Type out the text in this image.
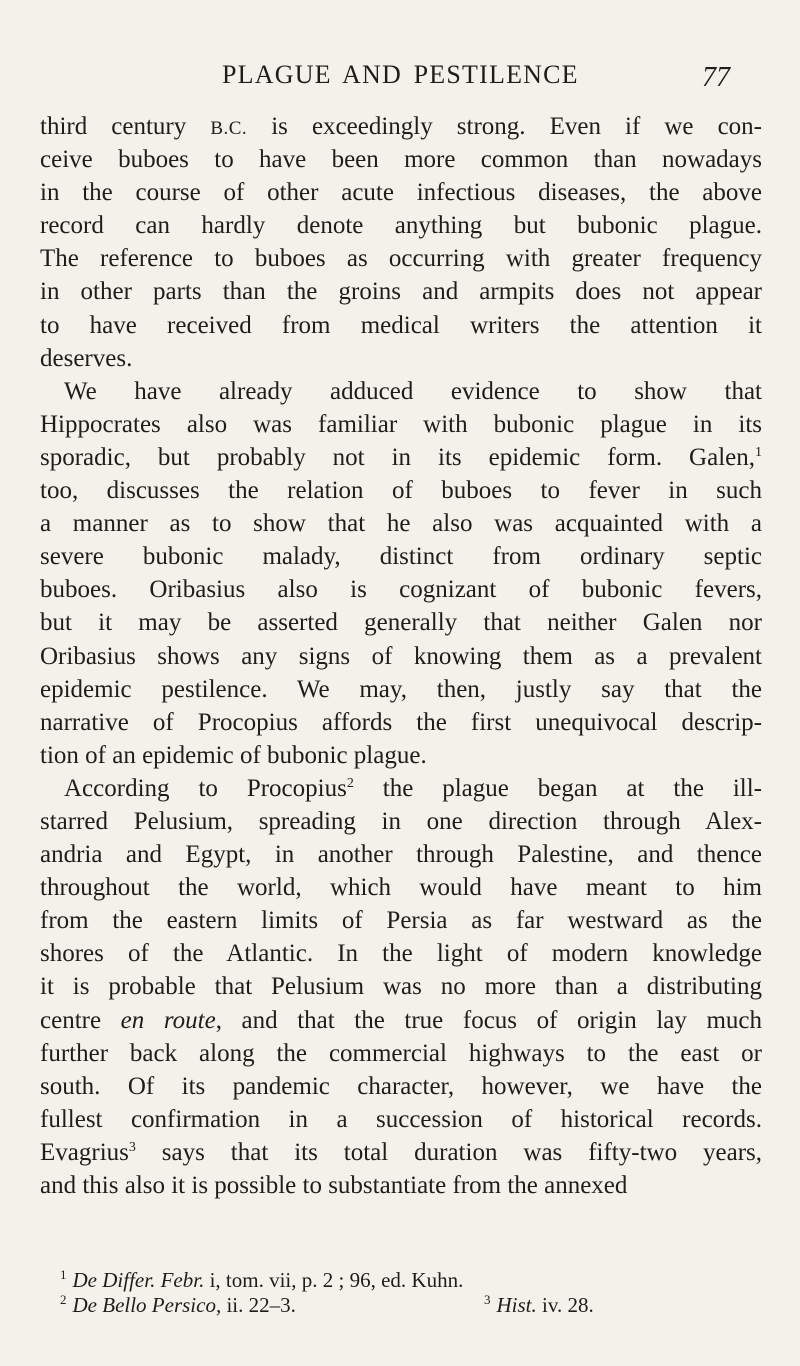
PLAGUE AND PESTILENCE	77
third century B.C. is exceedingly strong. Even if we con-
ceive buboes to have been more common than nowadays
in the course of other acute infectious diseases, the above
record can hardly denote anything but bubonic plague.
The reference to buboes as occurring with greater frequency
in other parts than the groins and armpits does not appear
to have received from medical writers the attention it
deserves.
We have already adduced evidence to show that
Hippocrates also was familiar with bubonic plague in its
sporadic, but probably not in its epidemic form. Galen,$^1$
too, discusses the relation of buboes to fever in such
a manner as to show that he also was acquainted with a
severe bubonic malady, distinct from ordinary septic
buboes. Oribasius also is cognizant of bubonic fevers,
but it may be asserted generally that neither Galen nor
Oribasius shows any signs of knowing them as a prevalent
epidemic pestilence. We may, then, justly say that the
narrative of Procopius affords the first unequivocal descrip-
tion of an epidemic of bubonic plague.
According to Procopius$^2$ the plague began at the ill-
starred Pelusium, spreading in one direction through Alex-
andria and Egypt, in another through Palestine, and thence
throughout the world, which would have meant to him
from the eastern limits of Persia as far westward as the
shores of the Atlantic. In the light of modern knowledge
it is probable that Pelusium was no more than a distributing
centre en route, and that the true focus of origin lay much
further back along the commercial highways to the east or
south. Of its pandemic character, however, we have the
fullest confirmation in a succession of historical records.
Evagrius$^3$ says that its total duration was fifty-two years,
and this also it is possible to substantiate from the annexed
$^1$ De Differ. Febr. i, tom. vii, p. 2 ; 96, ed. Kuhn.
$^2$ De Bello Persico, ii. 22–3.	$^3$ Hist. iv. 28.
